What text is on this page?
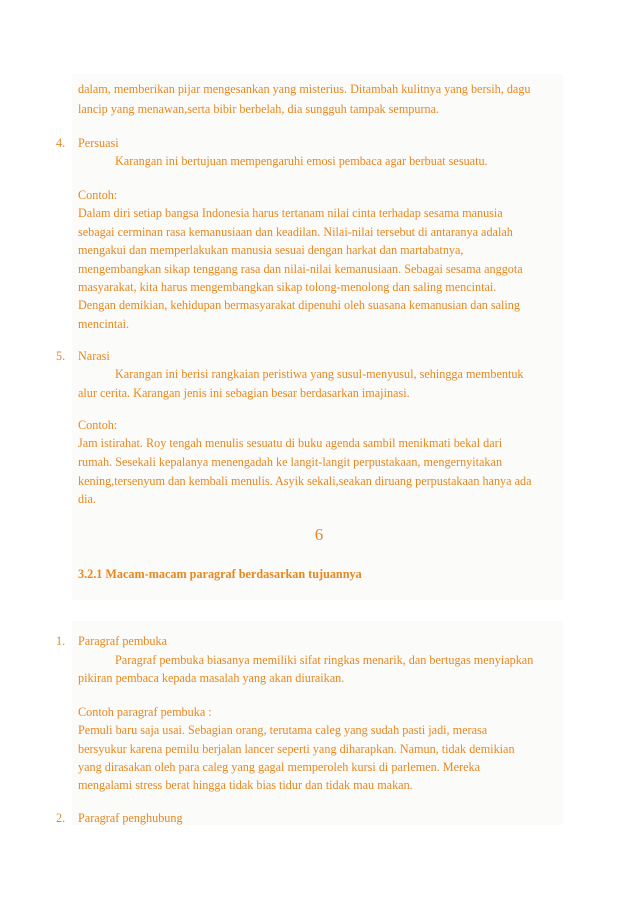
dalam, memberikan pijar mengesankan yang misterius. Ditambah kulitnya yang bersih, dagu
lancip yang menawan,serta bibir berbelah, dia sungguh tampak sempurna.
4. Persuasi
Karangan ini bertujuan mempengaruhi emosi pembaca agar berbuat sesuatu.
Contoh:
Dalam diri setiap bangsa Indonesia harus tertanam nilai cinta terhadap sesama manusia
sebagai cerminan rasa kemanusiaan dan keadilan. Nilai-nilai tersebut di antaranya adalah
mengakui dan memperlakukan manusia sesuai dengan harkat dan martabatnya,
mengembangkan sikap tenggang rasa dan nilai-nilai kemanusiaan. Sebagai sesama anggota
masyarakat, kita harus mengembangkan sikap tolong-menolong dan saling mencintai.
Dengan demikian, kehidupan bermasyarakat dipenuhi oleh suasana kemanusian dan saling
mencintai.
5. Narasi
Karangan ini berisi rangkaian peristiwa yang susul-menyusul, sehingga membentuk
alur cerita. Karangan jenis ini sebagian besar berdasarkan imajinasi.
Contoh:
Jam istirahat. Roy tengah menulis sesuatu di buku agenda sambil menikmati bekal dari
rumah. Sesekali kepalanya menengadah ke langit-langit perpustakaan, mengernyitakan
kening,tersenyum dan kembali menulis. Asyik sekali,seakan diruang perpustakaan hanya ada
dia.
6
3.2.1 Macam-macam paragraf berdasarkan tujuannya
1. Paragraf pembuka
Paragraf pembuka biasanya memiliki sifat ringkas menarik, dan bertugas menyiapkan
pikiran pembaca kepada masalah yang akan diuraikan.
Contoh paragraf pembuka :
Pemuli baru saja usai. Sebagian orang, terutama caleg yang sudah pasti jadi, merasa
bersyukur karena pemilu berjalan lancer seperti yang diharapkan. Namun, tidak demikian
yang dirasakan oleh para caleg yang gagal memperoleh kursi di parlemen. Mereka
mengalami stress berat hingga tidak bias tidur dan tidak mau makan.
2. Paragraf penghubung
